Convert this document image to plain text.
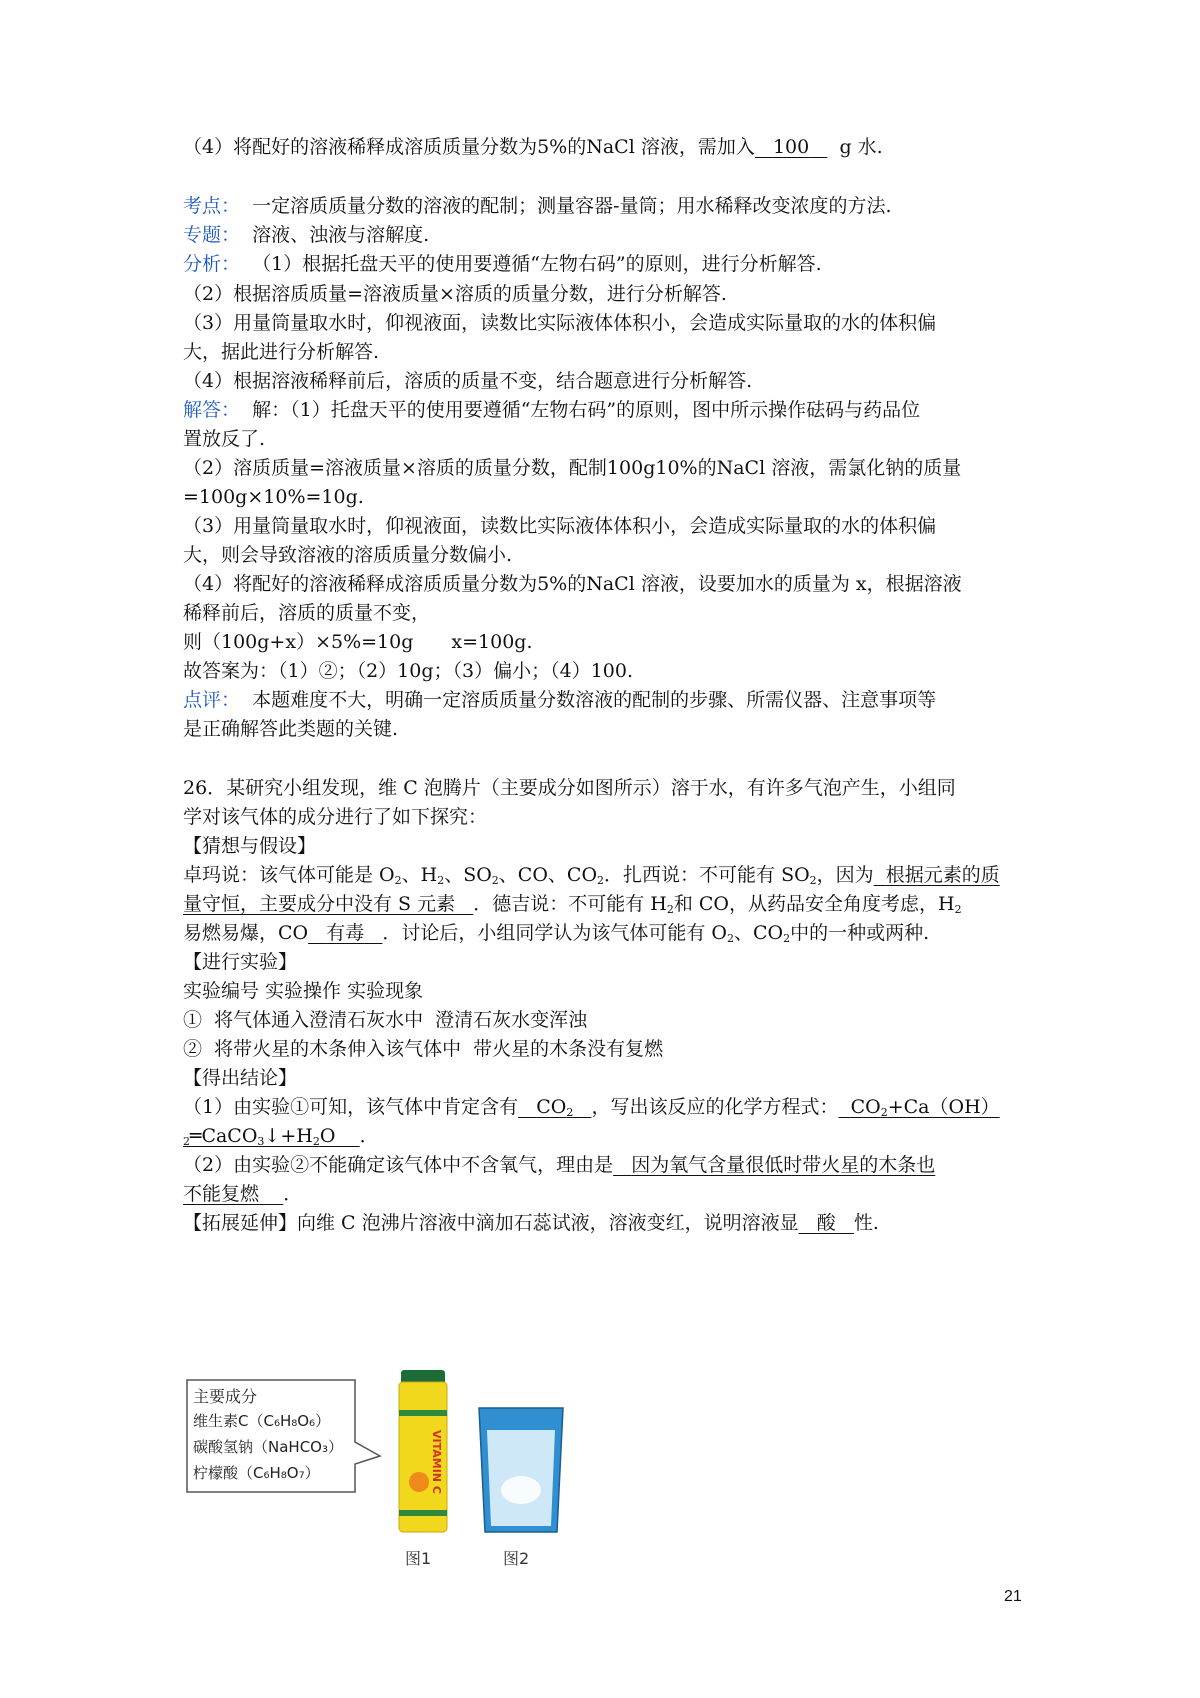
（4）将配好的溶液稀释成溶质质量分数为5%的NaCl 溶液，需加入 100 g 水.
考点： 一定溶质质量分数的溶液的配制；测量容器-量筒；用水稀释改变浓度的方法.
专题： 溶液、浊液与溶解度.
分析： （1）根据托盘天平的使用要遵循“左物右码”的原则，进行分析解答.
（2）根据溶质质量=溶液质量×溶质的质量分数，进行分析解答.
（3）用量筒量取水时，仰视液面，读数比实际液体体积小，会造成实际量取的水的体积偏
大，据此进行分析解答.
（4）根据溶液稀释前后，溶质的质量不变，结合题意进行分析解答.
解答： 解：（1）托盘天平的使用要遵循“左物右码”的原则，图中所示操作砝码与药品位
置放反了.
（2）溶质质量=溶液质量×溶质的质量分数，配制100g10%的NaCl 溶液，需氯化钠的质量
=100g×10%=10g.
（3）用量筒量取水时，仰视液面，读数比实际液体体积小，会造成实际量取的水的体积偏
大，则会导致溶液的溶质质量分数偏小.
（4）将配好的溶液稀释成溶质质量分数为5%的NaCl 溶液，设要加水的质量为 x，根据溶液
稀释前后，溶质的质量不变，
则（100g+x）×5%=10g　　x=100g.
故答案为：（1）②；（2）10g；（3）偏小；（4）100.
点评： 本题难度不大，明确一定溶质质量分数溶液的配制的步骤、所需仪器、注意事项等
是正确解答此类题的关键.
26．某研究小组发现，维 C 泡腾片（主要成分如图所示）溶于水，有许多气泡产生，小组同
学对该气体的成分进行了如下探究：
【猜想与假设】
卓玛说：该气体可能是 $O_2$、$H_2$、$SO_2$、CO、$CO_2$．扎西说：不可能有 $SO_2$，因为 根据元素的质
量守恒，主要成分中没有 S 元素 ．德吉说：不可能有 $H_2$和 CO，从药品安全角度考虑，$H_2$
易燃易爆，CO 有毒 ．讨论后，小组同学认为该气体可能有 $O_2$、$CO_2$中的一种或两种.
【进行实验】
实验编号 实验操作 实验现象
①  将气体通入澄清石灰水中  澄清石灰水变浑浊
②  将带火星的木条伸入该气体中  带火星的木条没有复燃
【得出结论】
（1）由实验①可知，该气体中肯定含有 $CO_2$ ，写出该反应的化学方程式： $CO_2+Ca(OH)$
$_2═CaCO_3↓+H_2O$ ．
（2）由实验②不能确定该气体中不含氧气，理由是 因为氧气含量很低时带火星的木条也
不能复燃 ．
【拓展延伸】向维 C 泡沸片溶液中滴加石蕊试液，溶液变红，说明溶液显 酸 性.
主要成分
维生素C（C₆H₈O₆）
碳酸氢钠（NaHCO₃）
柠檬酸（C₆H₈O₇）	VITAMIN C
图1	图2
21
